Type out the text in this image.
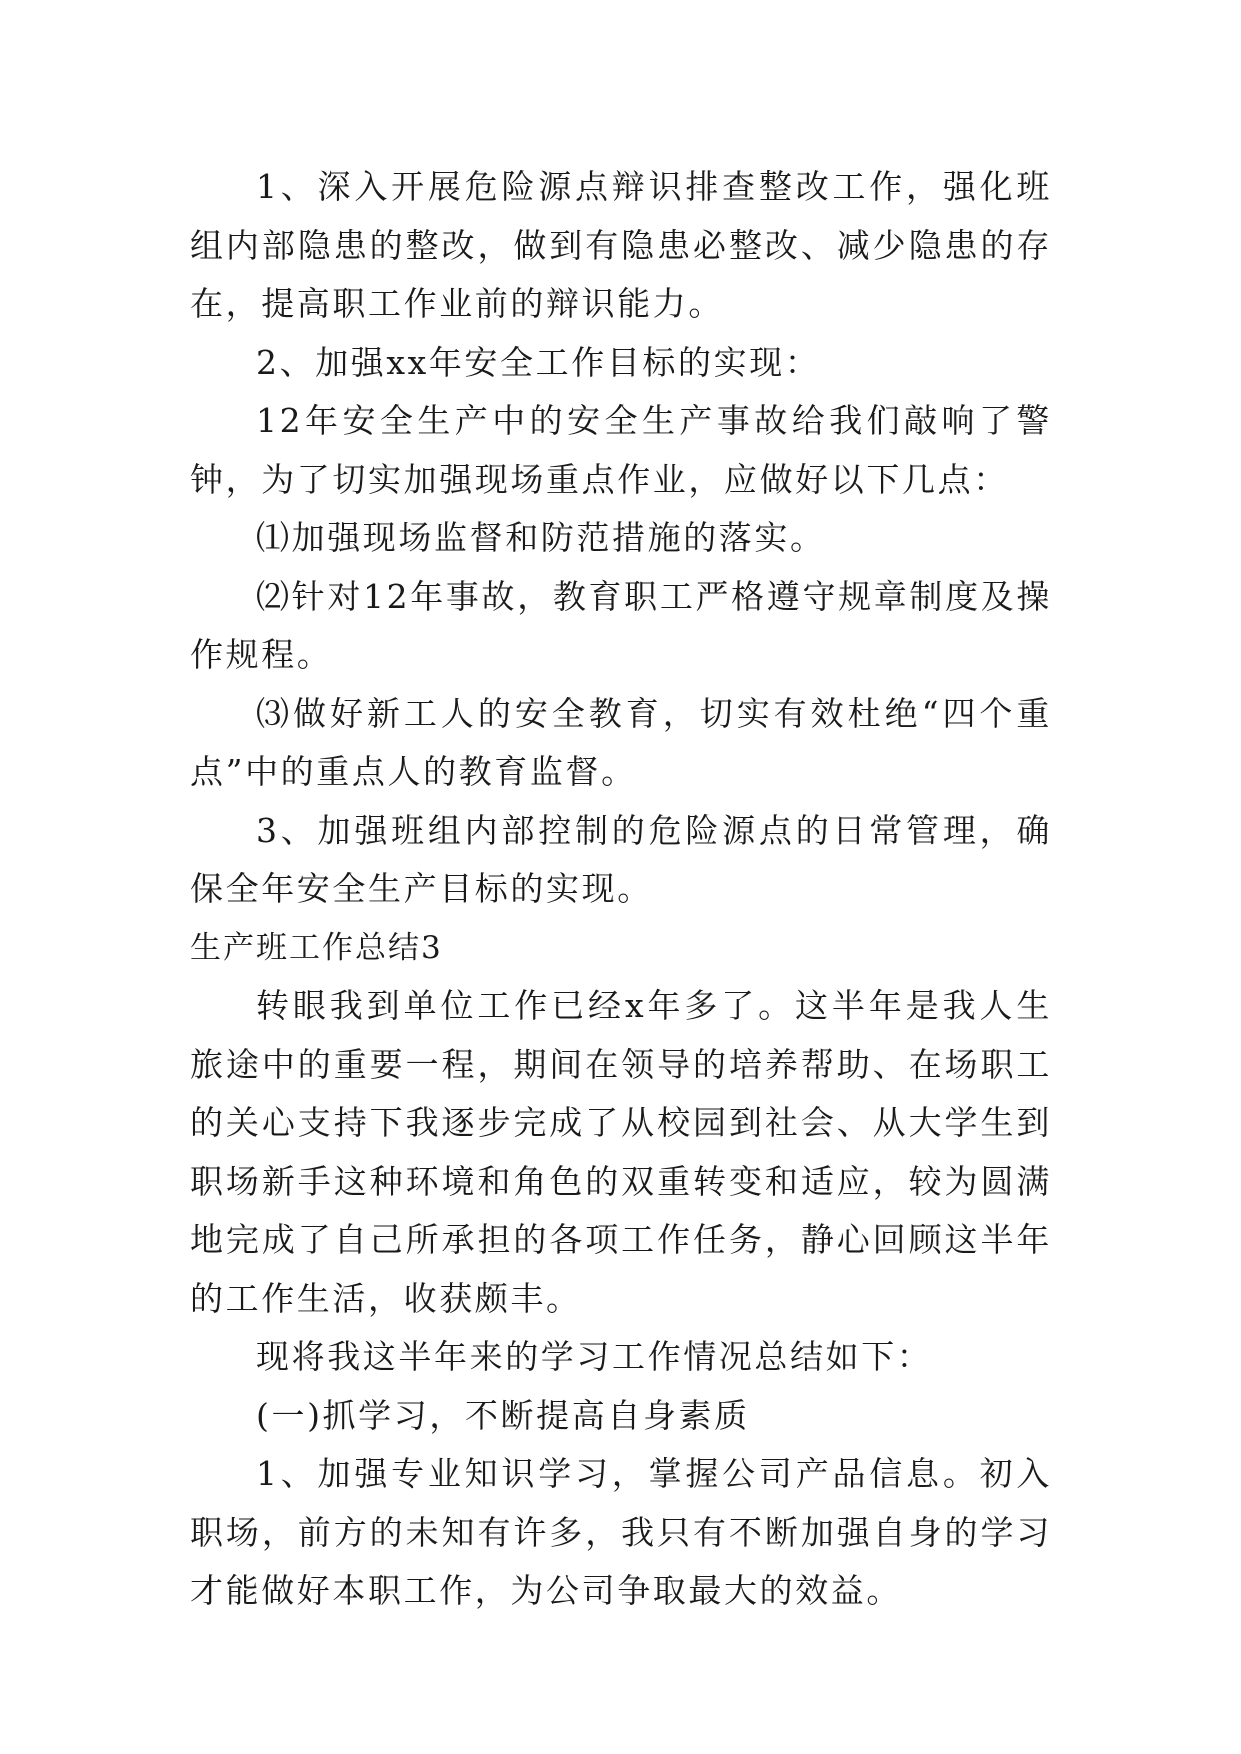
1、深入开展危险源点辩识排查整改工作，强化班组内部隐患的整改，做到有隐患必整改、减少隐患的存在，提高职工作业前的辩识能力。

2、加强xx年安全工作目标的实现：

12年安全生产中的安全生产事故给我们敲响了警钟，为了切实加强现场重点作业，应做好以下几点：

⑴加强现场监督和防范措施的落实。

⑵针对12年事故，教育职工严格遵守规章制度及操作规程。

⑶做好新工人的安全教育，切实有效杜绝“四个重点”中的重点人的教育监督。

3、加强班组内部控制的危险源点的日常管理，确保全年安全生产目标的实现。

生产班工作总结3

转眼我到单位工作已经x年多了。这半年是我人生旅途中的重要一程，期间在领导的培养帮助、在场职工的关心支持下我逐步完成了从校园到社会、从大学生到职场新手这种环境和角色的双重转变和适应，较为圆满地完成了自己所承担的各项工作任务，静心回顾这半年的工作生活，收获颇丰。

现将我这半年来的学习工作情况总结如下：

(一)抓学习，不断提高自身素质

1、加强专业知识学习，掌握公司产品信息。初入职场，前方的未知有许多，我只有不断加强自身的学习才能做好本职工作，为公司争取最大的效益。
